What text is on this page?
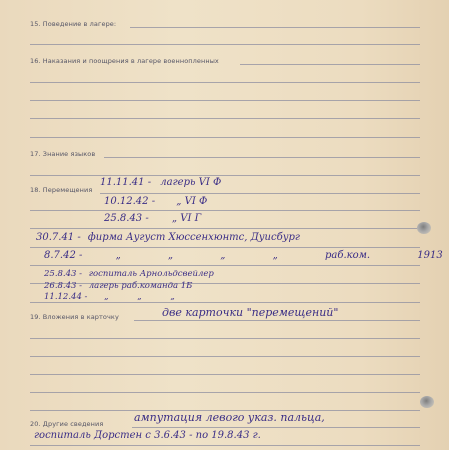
15. Поведение в лагере:
16. Наказания и поощрения в лагере военнопленных
17. Знание языков
18. Перемещения
19. Вложения в карточку
20. Другие сведения
11.11.41 - лагерь VI Ф
10.12.42 - „ VI Ф
25.8.43 - „ VI Г
30.7.41 - фирма Аугуст Хюссенхюнтс, Дуисбург
8.7.42 -	„ „ „ „ раб.ком. 1913
25.8.43 - госпиталь Арнольдсвейлер
26.8.43 - лагерь раб.команда 1Б
11.12.44 - „ „ „
две карточки "перемещений"
ампутация левого указ. пальца,
госпиталь Дорстен с 3.6.43 - по 19.8.43 г.
